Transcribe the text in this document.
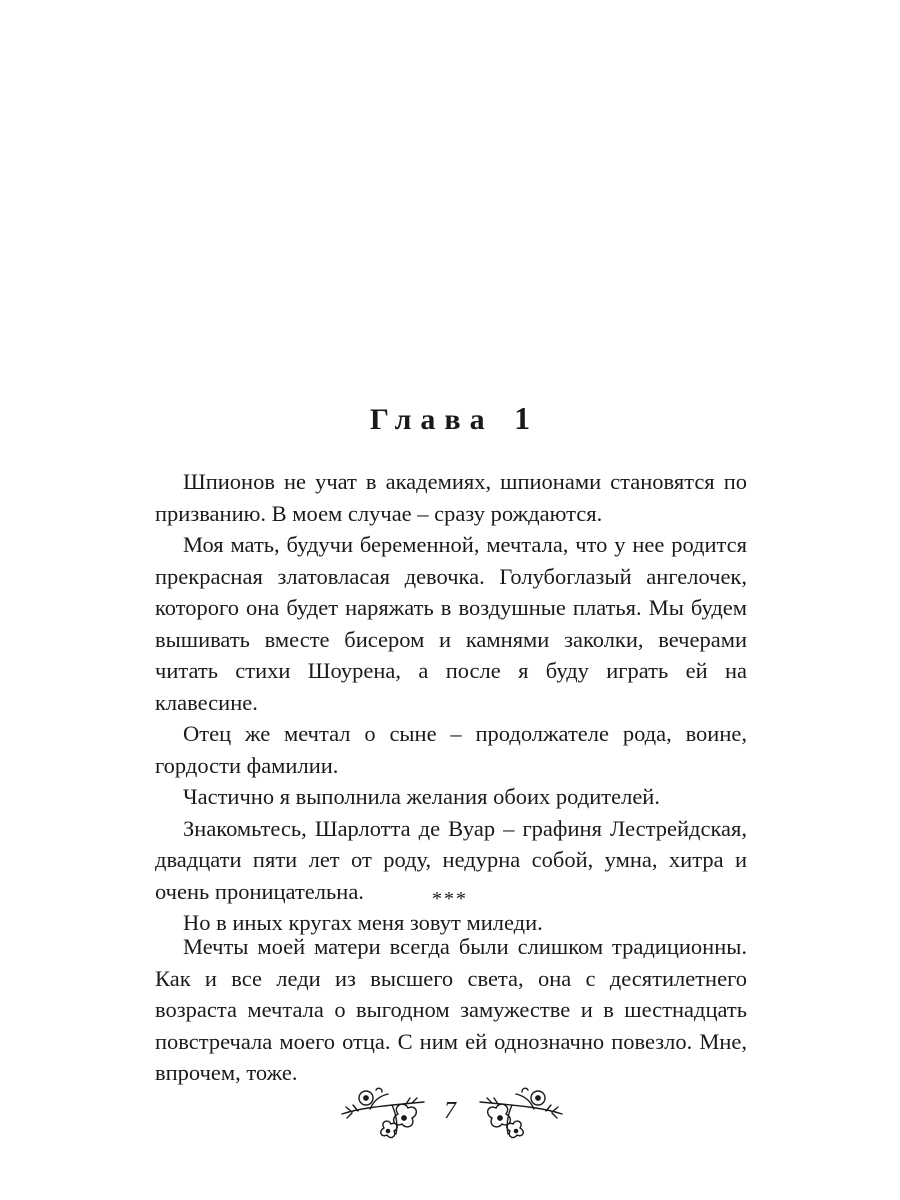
Глава 1

Шпионов не учат в академиях, шпионами становятся по призванию. В моем случае – сразу рождаются.

Моя мать, будучи беременной, мечтала, что у нее родится прекрасная златовласая девочка. Голубоглазый ангелочек, которого она будет наряжать в воздушные платья. Мы будем вышивать вместе бисером и камнями заколки, вечерами читать стихи Шоурена, а после я буду играть ей на клавесине.

Отец же мечтал о сыне – продолжателе рода, воине, гордости фамилии.

Частично я выполнила желания обоих родителей.

Знакомьтесь, Шарлотта де Вуар – графиня Лестрейдская, двадцати пяти лет от роду, недурна собой, умна, хитра и очень проницательна.

Но в иных кругах меня зовут миледи.

***

Мечты моей матери всегда были слишком традиционны. Как и все леди из высшего света, она с десятилетнего возраста мечтала о выгодном замужестве и в шестнадцать повстречала моего отца. С ним ей однозначно повезло. Мне, впрочем, тоже.

7
